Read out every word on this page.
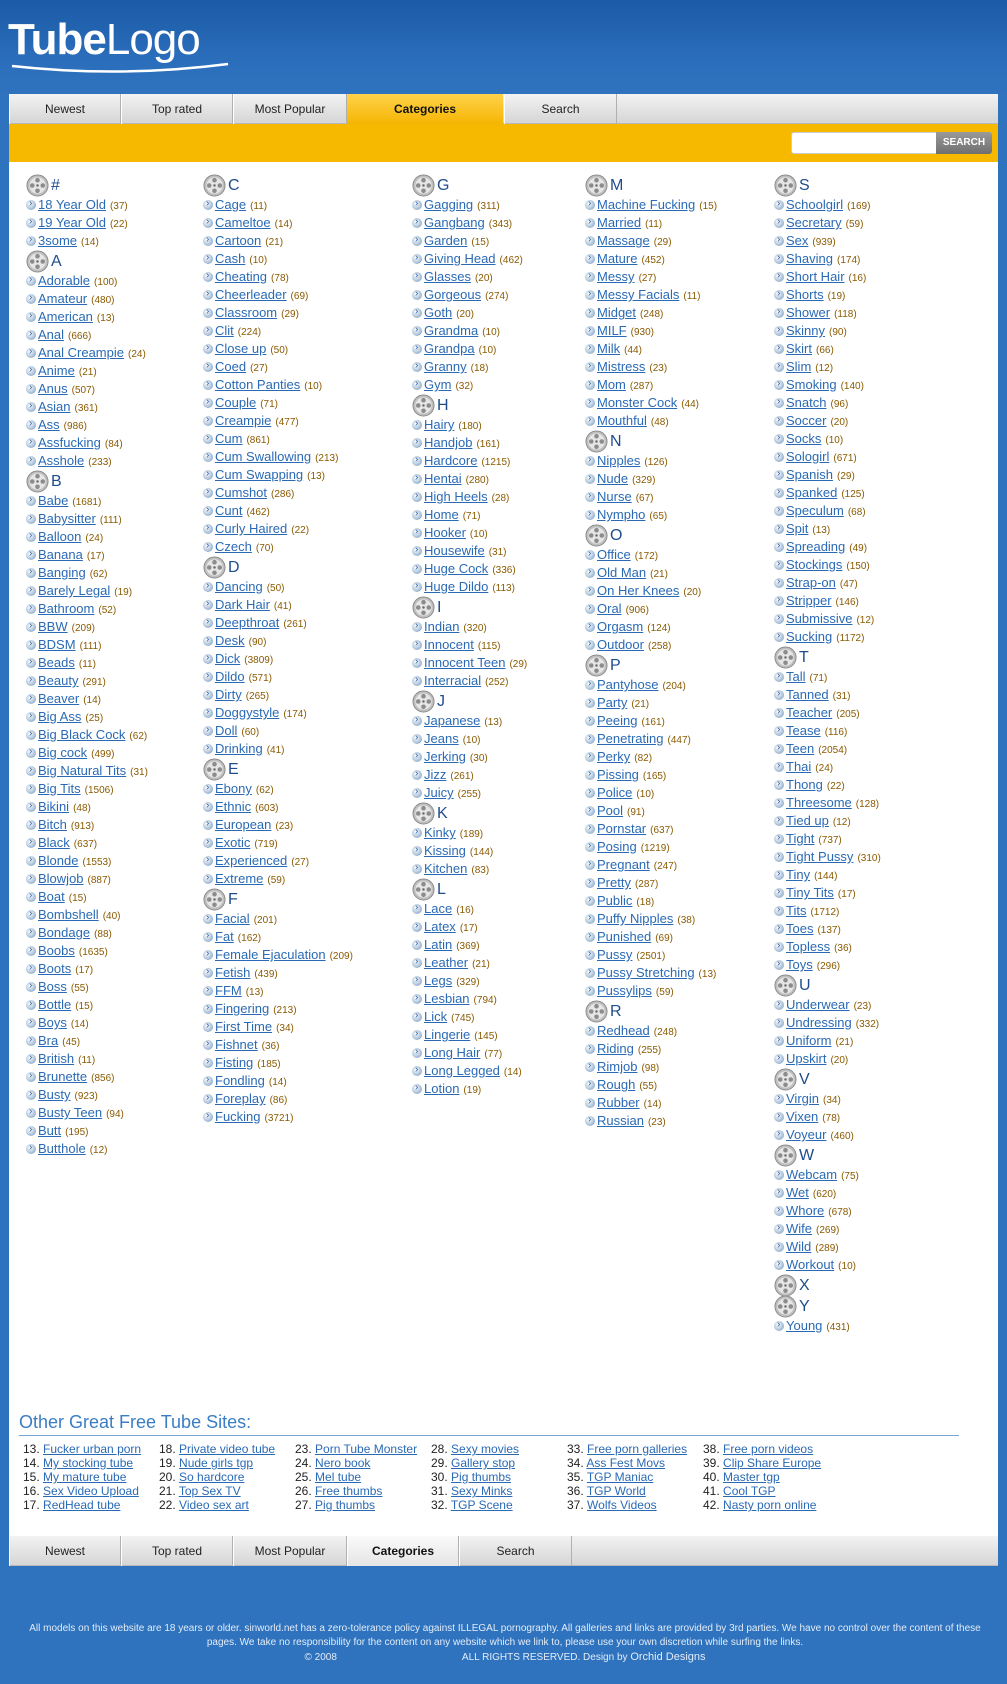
TubeLogo
Newest	Top rated	Most Popular	Categories	Search
SEARCH
#
›
18 Year Old (37)
›
19 Year Old (22)
›
3some (14)
A
›
Adorable (100)
›
Amateur (480)
›
American (13)
›
Anal (666)
›
Anal Creampie (24)
›
Anime (21)
›
Anus (507)
›
Asian (361)
›
Ass (986)
›
Assfucking (84)
›
Asshole (233)
B
›
Babe (1681)
›
Babysitter (111)
›
Balloon (24)
›
Banana (17)
›
Banging (62)
›
Barely Legal (19)
›
Bathroom (52)
›
BBW (209)
›
BDSM (111)
›
Beads (11)
›
Beauty (291)
›
Beaver (14)
›
Big Ass (25)
›
Big Black Cock (62)
›
Big cock (499)
›
Big Natural Tits (31)
›
Big Tits (1506)
›
Bikini (48)
›
Bitch (913)
›
Black (637)
›
Blonde (1553)
›
Blowjob (887)
›
Boat (15)
›
Bombshell (40)
›
Bondage (88)
›
Boobs (1635)
›
Boots (17)
›
Boss (55)
›
Bottle (15)
›
Boys (14)
›
Bra (45)
›
British (11)
›
Brunette (856)
›
Busty (923)
›
Busty Teen (94)
›
Butt (195)
›
Butthole (12)
C
›
Cage (11)
›
Cameltoe (14)
›
Cartoon (21)
›
Cash (10)
›
Cheating (78)
›
Cheerleader (69)
›
Classroom (29)
›
Clit (224)
›
Close up (50)
›
Coed (27)
›
Cotton Panties (10)
›
Couple (71)
›
Creampie (477)
›
Cum (861)
›
Cum Swallowing (213)
›
Cum Swapping (13)
›
Cumshot (286)
›
Cunt (462)
›
Curly Haired (22)
›
Czech (70)
D
›
Dancing (50)
›
Dark Hair (41)
›
Deepthroat (261)
›
Desk (90)
›
Dick (3809)
›
Dildo (571)
›
Dirty (265)
›
Doggystyle (174)
›
Doll (60)
›
Drinking (41)
E
›
Ebony (62)
›
Ethnic (603)
›
European (23)
›
Exotic (719)
›
Experienced (27)
›
Extreme (59)
F
›
Facial (201)
›
Fat (162)
›
Female Ejaculation (209)
›
Fetish (439)
›
FFM (13)
›
Fingering (213)
›
First Time (34)
›
Fishnet (36)
›
Fisting (185)
›
Fondling (14)
›
Foreplay (86)
›
Fucking (3721)
G
›
Gagging (311)
›
Gangbang (343)
›
Garden (15)
›
Giving Head (462)
›
Glasses (20)
›
Gorgeous (274)
›
Goth (20)
›
Grandma (10)
›
Grandpa (10)
›
Granny (18)
›
Gym (32)
H
›
Hairy (180)
›
Handjob (161)
›
Hardcore (1215)
›
Hentai (280)
›
High Heels (28)
›
Home (71)
›
Hooker (10)
›
Housewife (31)
›
Huge Cock (336)
›
Huge Dildo (113)
I
›
Indian (320)
›
Innocent (115)
›
Innocent Teen (29)
›
Interracial (252)
J
›
Japanese (13)
›
Jeans (10)
›
Jerking (30)
›
Jizz (261)
›
Juicy (255)
K
›
Kinky (189)
›
Kissing (144)
›
Kitchen (83)
L
›
Lace (16)
›
Latex (17)
›
Latin (369)
›
Leather (21)
›
Legs (329)
›
Lesbian (794)
›
Lick (745)
›
Lingerie (145)
›
Long Hair (77)
›
Long Legged (14)
›
Lotion (19)
M
›
Machine Fucking (15)
›
Married (11)
›
Massage (29)
›
Mature (452)
›
Messy (27)
›
Messy Facials (11)
›
Midget (248)
›
MILF (930)
›
Milk (44)
›
Mistress (23)
›
Mom (287)
›
Monster Cock (44)
›
Mouthful (48)
N
›
Nipples (126)
›
Nude (329)
›
Nurse (67)
›
Nympho (65)
O
›
Office (172)
›
Old Man (21)
›
On Her Knees (20)
›
Oral (906)
›
Orgasm (124)
›
Outdoor (258)
P
›
Pantyhose (204)
›
Party (21)
›
Peeing (161)
›
Penetrating (447)
›
Perky (82)
›
Pissing (165)
›
Police (10)
›
Pool (91)
›
Pornstar (637)
›
Posing (1219)
›
Pregnant (247)
›
Pretty (287)
›
Public (18)
›
Puffy Nipples (38)
›
Punished (69)
›
Pussy (2501)
›
Pussy Stretching (13)
›
Pussylips (59)
R
›
Redhead (248)
›
Riding (255)
›
Rimjob (98)
›
Rough (55)
›
Rubber (14)
›
Russian (23)
S
›
Schoolgirl (169)
›
Secretary (59)
›
Sex (939)
›
Shaving (174)
›
Short Hair (16)
›
Shorts (19)
›
Shower (118)
›
Skinny (90)
›
Skirt (66)
›
Slim (12)
›
Smoking (140)
›
Snatch (96)
›
Soccer (20)
›
Socks (10)
›
Sologirl (671)
›
Spanish (29)
›
Spanked (125)
›
Speculum (68)
›
Spit (13)
›
Spreading (49)
›
Stockings (150)
›
Strap-on (47)
›
Stripper (146)
›
Submissive (12)
›
Sucking (1172)
T
›
Tall (71)
›
Tanned (31)
›
Teacher (205)
›
Tease (116)
›
Teen (2054)
›
Thai (24)
›
Thong (22)
›
Threesome (128)
›
Tied up (12)
›
Tight (737)
›
Tight Pussy (310)
›
Tiny (144)
›
Tiny Tits (17)
›
Tits (1712)
›
Toes (137)
›
Topless (36)
›
Toys (296)
U
›
Underwear (23)
›
Undressing (332)
›
Uniform (21)
›
Upskirt (20)
V
›
Virgin (34)
›
Vixen (78)
›
Voyeur (460)
W
›
Webcam (75)
›
Wet (620)
›
Whore (678)
›
Wife (269)
›
Wild (289)
›
Workout (10)
X
Y
›
Young (431)
Other Great Free Tube Sites:
13. Fucker urban porn
14. My stocking tube
15. My mature tube
16. Sex Video Upload
17. RedHead tube
18. Private video tube
19. Nude girls tgp
20. So hardcore
21. Top Sex TV
22. Video sex art
23. Porn Tube Monster
24. Nero book
25. Mel tube
26. Free thumbs
27. Pig thumbs
28. Sexy movies
29. Gallery stop
30. Pig thumbs
31. Sexy Minks
32. TGP Scene
33. Free porn galleries
34. Ass Fest Movs
35. TGP Maniac
36. TGP World
37. Wolfs Videos
38. Free porn videos
39. Clip Share Europe
40. Master tgp
41. Cool TGP
42. Nasty porn online
Newest	Top rated	Most Popular	Categories	Search
All models on this website are 18 years or older. sinworld.net has a zero-tolerance policy against ILLEGAL pornography. All galleries and links are provided by 3rd parties. We have no control over the content of these pages. We take no responsibility for the content on any website which we link to, please use your own discretion while surfing the links.
© 2008	ALL RIGHTS RESERVED. Design by Orchid Designs
